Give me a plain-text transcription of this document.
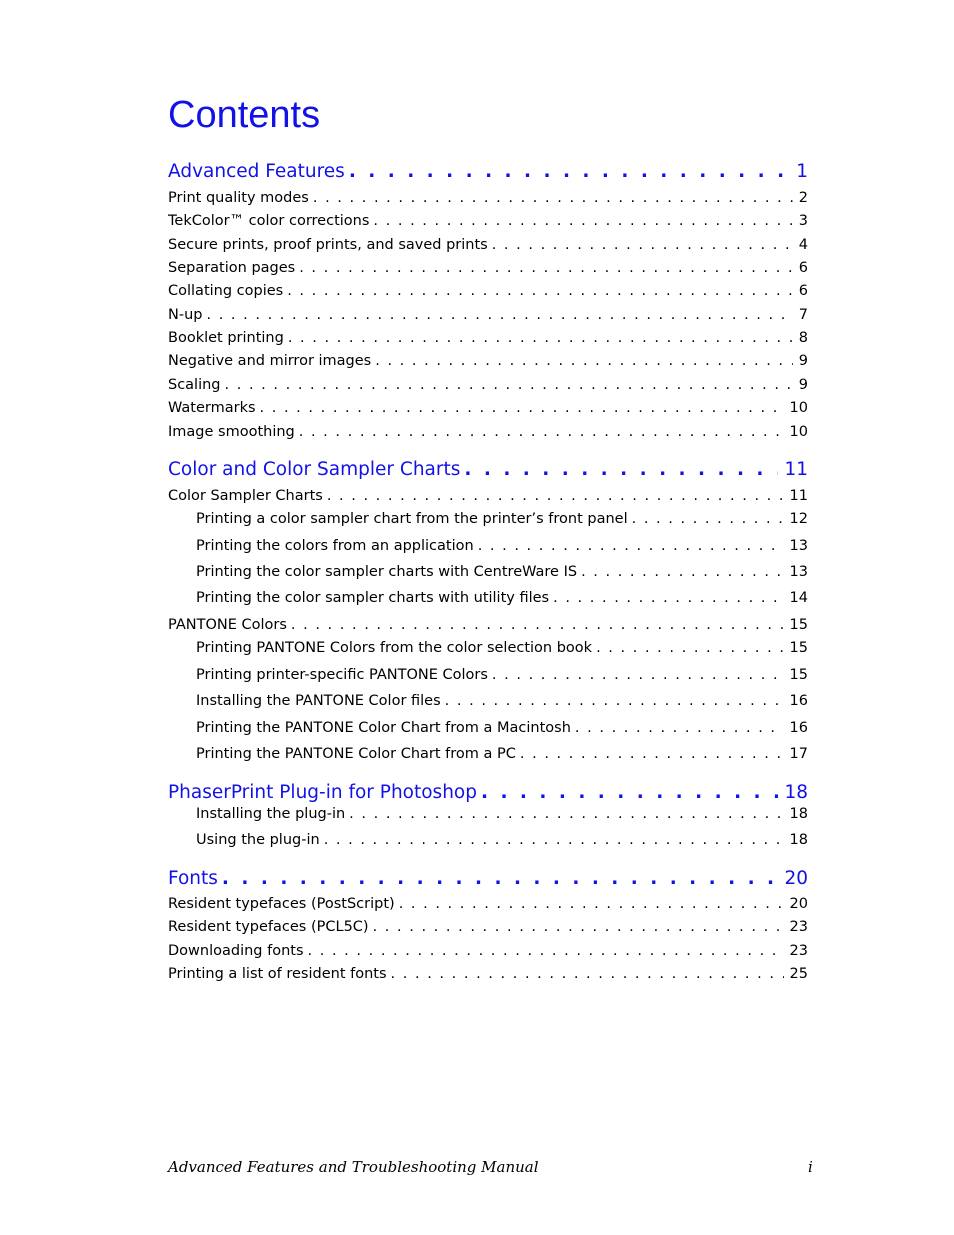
Contents
Advanced Features . . .	1
Print quality modes . . .	2
TekColor™ color corrections . . .	3
Secure prints, proof prints, and saved prints . . .	4
Separation pages . . .	6
Collating copies . . .	6
N-up . . .	7
Booklet printing . . .	8
Negative and mirror images . . .	9
Scaling . . .	9
Watermarks . . .	10
Image smoothing . . .	10
Color and Color Sampler Charts . . .	11
Color Sampler Charts . . .	11
Printing a color sampler chart from the printer’s front panel . . .	12
Printing the colors from an application . . .	13
Printing the color sampler charts with CentreWare IS . . .	13
Printing the color sampler charts with utility files . . .	14
PANTONE Colors . . .	15
Printing PANTONE Colors from the color selection book . . .	15
Printing printer-specific PANTONE Colors . . .	15
Installing the PANTONE Color files . . .	16
Printing the PANTONE Color Chart from a Macintosh . . .	16
Printing the PANTONE Color Chart from a PC . . .	17
PhaserPrint Plug-in for Photoshop . . .	18
Installing the plug-in . . .	18
Using the plug-in . . .	18
Fonts . . .	20
Resident typefaces (PostScript) . . .	20
Resident typefaces (PCL5C) . . .	23
Downloading fonts . . .	23
Printing a list of resident fonts . . .	25
Advanced Features and Troubleshooting Manual	i
